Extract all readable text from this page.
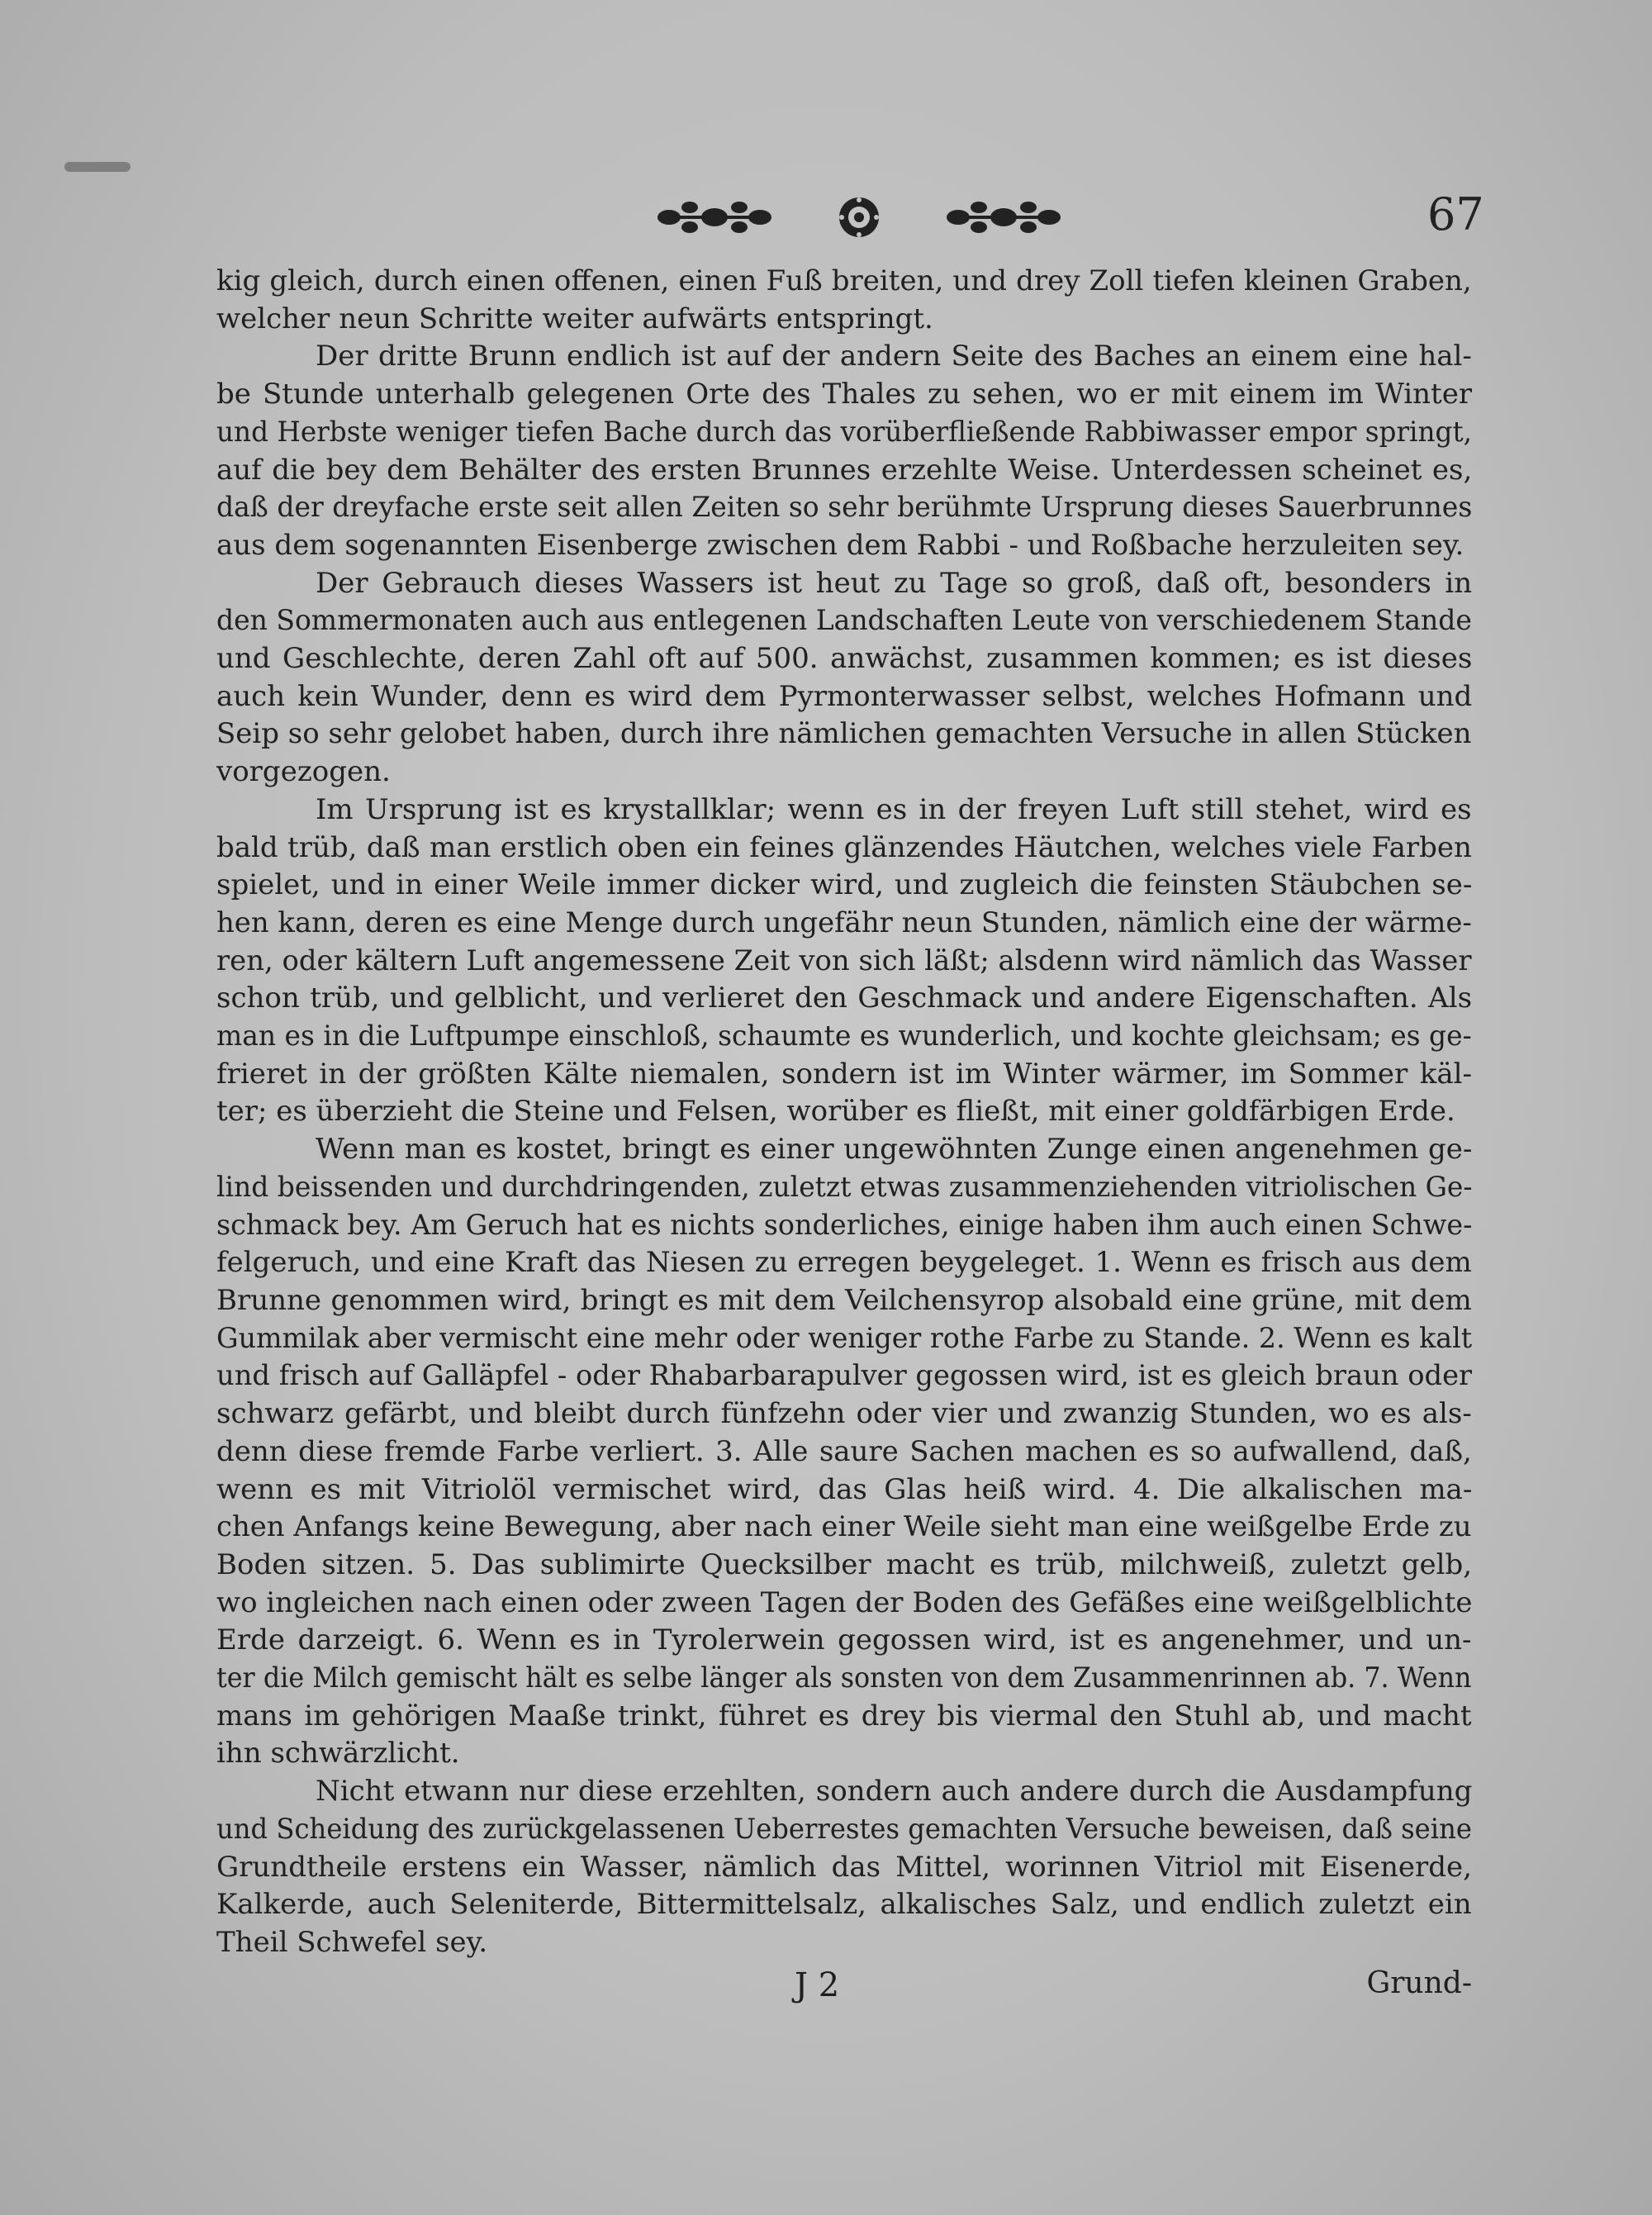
67

kig gleich, durch einen offenen, einen Fuß breiten, und drey Zoll tiefen kleinen Graben,
welcher neun Schritte weiter aufwärts entspringt.

Der dritte Brunn endlich ist auf der andern Seite des Baches an einem eine hal-
be Stunde unterhalb gelegenen Orte des Thales zu sehen, wo er mit einem im Winter
und Herbste weniger tiefen Bache durch das vorüberfließende Rabbiwasser empor springt,
auf die bey dem Behälter des ersten Brunnes erzehlte Weise. Unterdessen scheinet es,
daß der dreyfache erste seit allen Zeiten so sehr berühmte Ursprung dieses Sauerbrunnes
aus dem sogenannten Eisenberge zwischen dem Rabbi - und Roßbache herzuleiten sey.

Der Gebrauch dieses Wassers ist heut zu Tage so groß, daß oft, besonders in
den Sommermonaten auch aus entlegenen Landschaften Leute von verschiedenem Stande
und Geschlechte, deren Zahl oft auf 500. anwächst, zusammen kommen; es ist dieses
auch kein Wunder, denn es wird dem Pyrmonterwasser selbst, welches Hofmann und
Seip so sehr gelobet haben, durch ihre nämlichen gemachten Versuche in allen Stücken
vorgezogen.

Im Ursprung ist es krystallklar; wenn es in der freyen Luft still stehet, wird es
bald trüb, daß man erstlich oben ein feines glänzendes Häutchen, welches viele Farben
spielet, und in einer Weile immer dicker wird, und zugleich die feinsten Stäubchen se-
hen kann, deren es eine Menge durch ungefähr neun Stunden, nämlich eine der wärme-
ren, oder kältern Luft angemessene Zeit von sich läßt; alsdenn wird nämlich das Wasser
schon trüb, und gelblicht, und verlieret den Geschmack und andere Eigenschaften. Als
man es in die Luftpumpe einschloß, schaumte es wunderlich, und kochte gleichsam; es ge-
frieret in der größten Kälte niemalen, sondern ist im Winter wärmer, im Sommer käl-
ter; es überzieht die Steine und Felsen, worüber es fließt, mit einer goldfärbigen Erde.

Wenn man es kostet, bringt es einer ungewöhnten Zunge einen angenehmen ge-
lind beissenden und durchdringenden, zuletzt etwas zusammenziehenden vitriolischen Ge-
schmack bey. Am Geruch hat es nichts sonderliches, einige haben ihm auch einen Schwe-
felgeruch, und eine Kraft das Niesen zu erregen beygeleget. 1. Wenn es frisch aus dem
Brunne genommen wird, bringt es mit dem Veilchensyrop alsobald eine grüne, mit dem
Gummilak aber vermischt eine mehr oder weniger rothe Farbe zu Stande. 2. Wenn es kalt
und frisch auf Galläpfel - oder Rhabarbarapulver gegossen wird, ist es gleich braun oder
schwarz gefärbt, und bleibt durch fünfzehn oder vier und zwanzig Stunden, wo es als-
denn diese fremde Farbe verliert. 3. Alle saure Sachen machen es so aufwallend, daß,
wenn es mit Vitriolöl vermischet wird, das Glas heiß wird. 4. Die alkalischen ma-
chen Anfangs keine Bewegung, aber nach einer Weile sieht man eine weißgelbe Erde zu
Boden sitzen. 5. Das sublimirte Quecksilber macht es trüb, milchweiß, zuletzt gelb,
wo ingleichen nach einen oder zween Tagen der Boden des Gefäßes eine weißgelblichte
Erde darzeigt. 6. Wenn es in Tyrolerwein gegossen wird, ist es angenehmer, und un-
ter die Milch gemischt hält es selbe länger als sonsten von dem Zusammenrinnen ab. 7. Wenn
mans im gehörigen Maaße trinkt, führet es drey bis viermal den Stuhl ab, und macht
ihn schwärzlicht.

Nicht etwann nur diese erzehlten, sondern auch andere durch die Ausdampfung
und Scheidung des zurückgelassenen Ueberrestes gemachten Versuche beweisen, daß seine
Grundtheile erstens ein Wasser, nämlich das Mittel, worinnen Vitriol mit Eisenerde,
Kalkerde, auch Seleniterde, Bittermittelsalz, alkalisches Salz, und endlich zuletzt ein
Theil Schwefel sey.

J 2	Grund-
